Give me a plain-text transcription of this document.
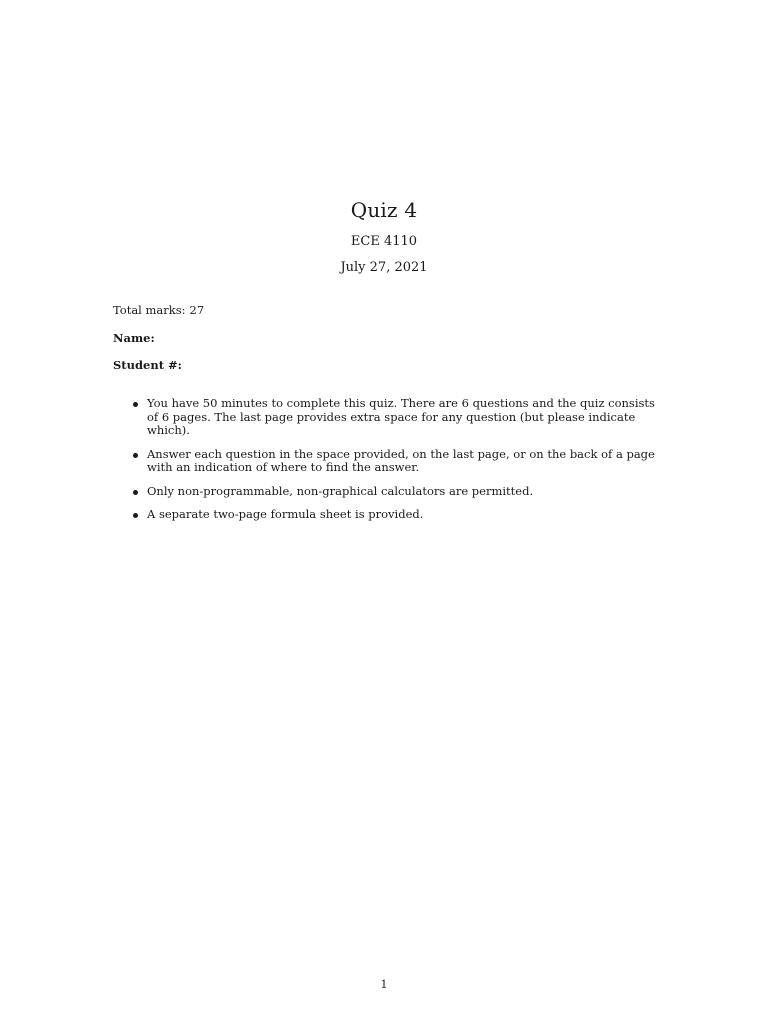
Quiz 4
ECE 4110
July 27, 2021
Total marks: 27
Name:
Student #:
You have 50 minutes to complete this quiz. There are 6 questions and the quiz consists of 6 pages. The last page provides extra space for any question (but please indicate which).
Answer each question in the space provided, on the last page, or on the back of a page with an indication of where to find the answer.
Only non-programmable, non-graphical calculators are permitted.
A separate two-page formula sheet is provided.
1
